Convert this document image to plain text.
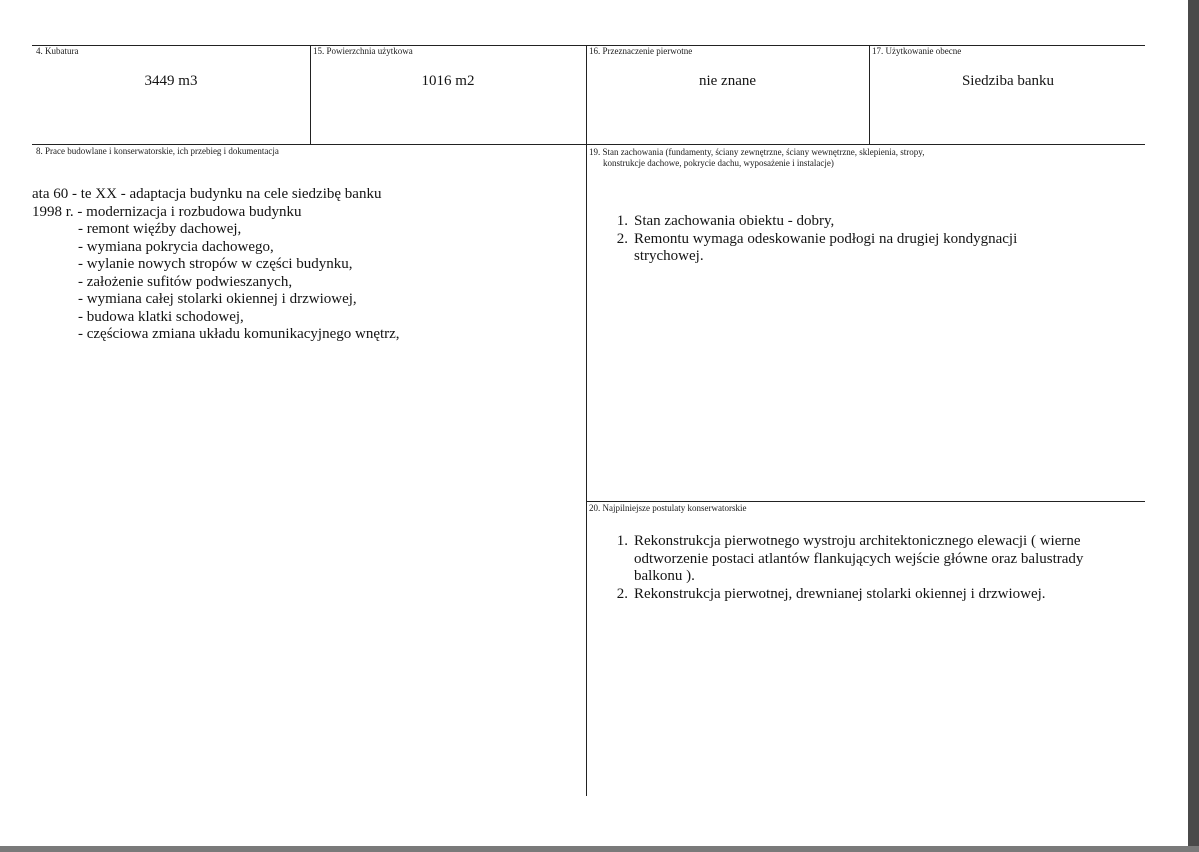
4. Kubatura
3449 m3
15. Powierzchnia użytkowa
1016 m2
16. Przeznaczenie pierwotne
nie znane
17. Użytkowanie obecne
Siedziba banku
8. Prace budowlane i konserwatorskie, ich przebieg i dokumentacja
ata 60 - te XX - adaptacja budynku na cele siedzibę banku
1998 r. - modernizacja i rozbudowa budynku
- remont więźby dachowej,
- wymiana pokrycia dachowego,
- wylanie nowych stropów w części budynku,
- założenie sufitów podwieszanych,
- wymiana całej stolarki okiennej i drzwiowej,
- budowa klatki schodowej,
- częściowa zmiana układu komunikacyjnego wnętrz,
19. Stan zachowania (fundamenty, ściany zewnętrzne, ściany wewnętrzne, sklepienia, stropy,
konstrukcje dachowe, pokrycie dachu, wyposażenie i instalacje)
1. Stan zachowania obiektu - dobry,
2. Remontu wymaga odeskowanie podłogi na drugiej kondygnacji
strychowej.
20. Najpilniejsze postulaty konserwatorskie
1. Rekonstrukcja pierwotnego wystroju architektonicznego elewacji ( wierne
odtworzenie postaci atlantów flankujących wejście główne oraz balustrady
balkonu ).
2. Rekonstrukcja pierwotnej, drewnianej stolarki okiennej i drzwiowej.
